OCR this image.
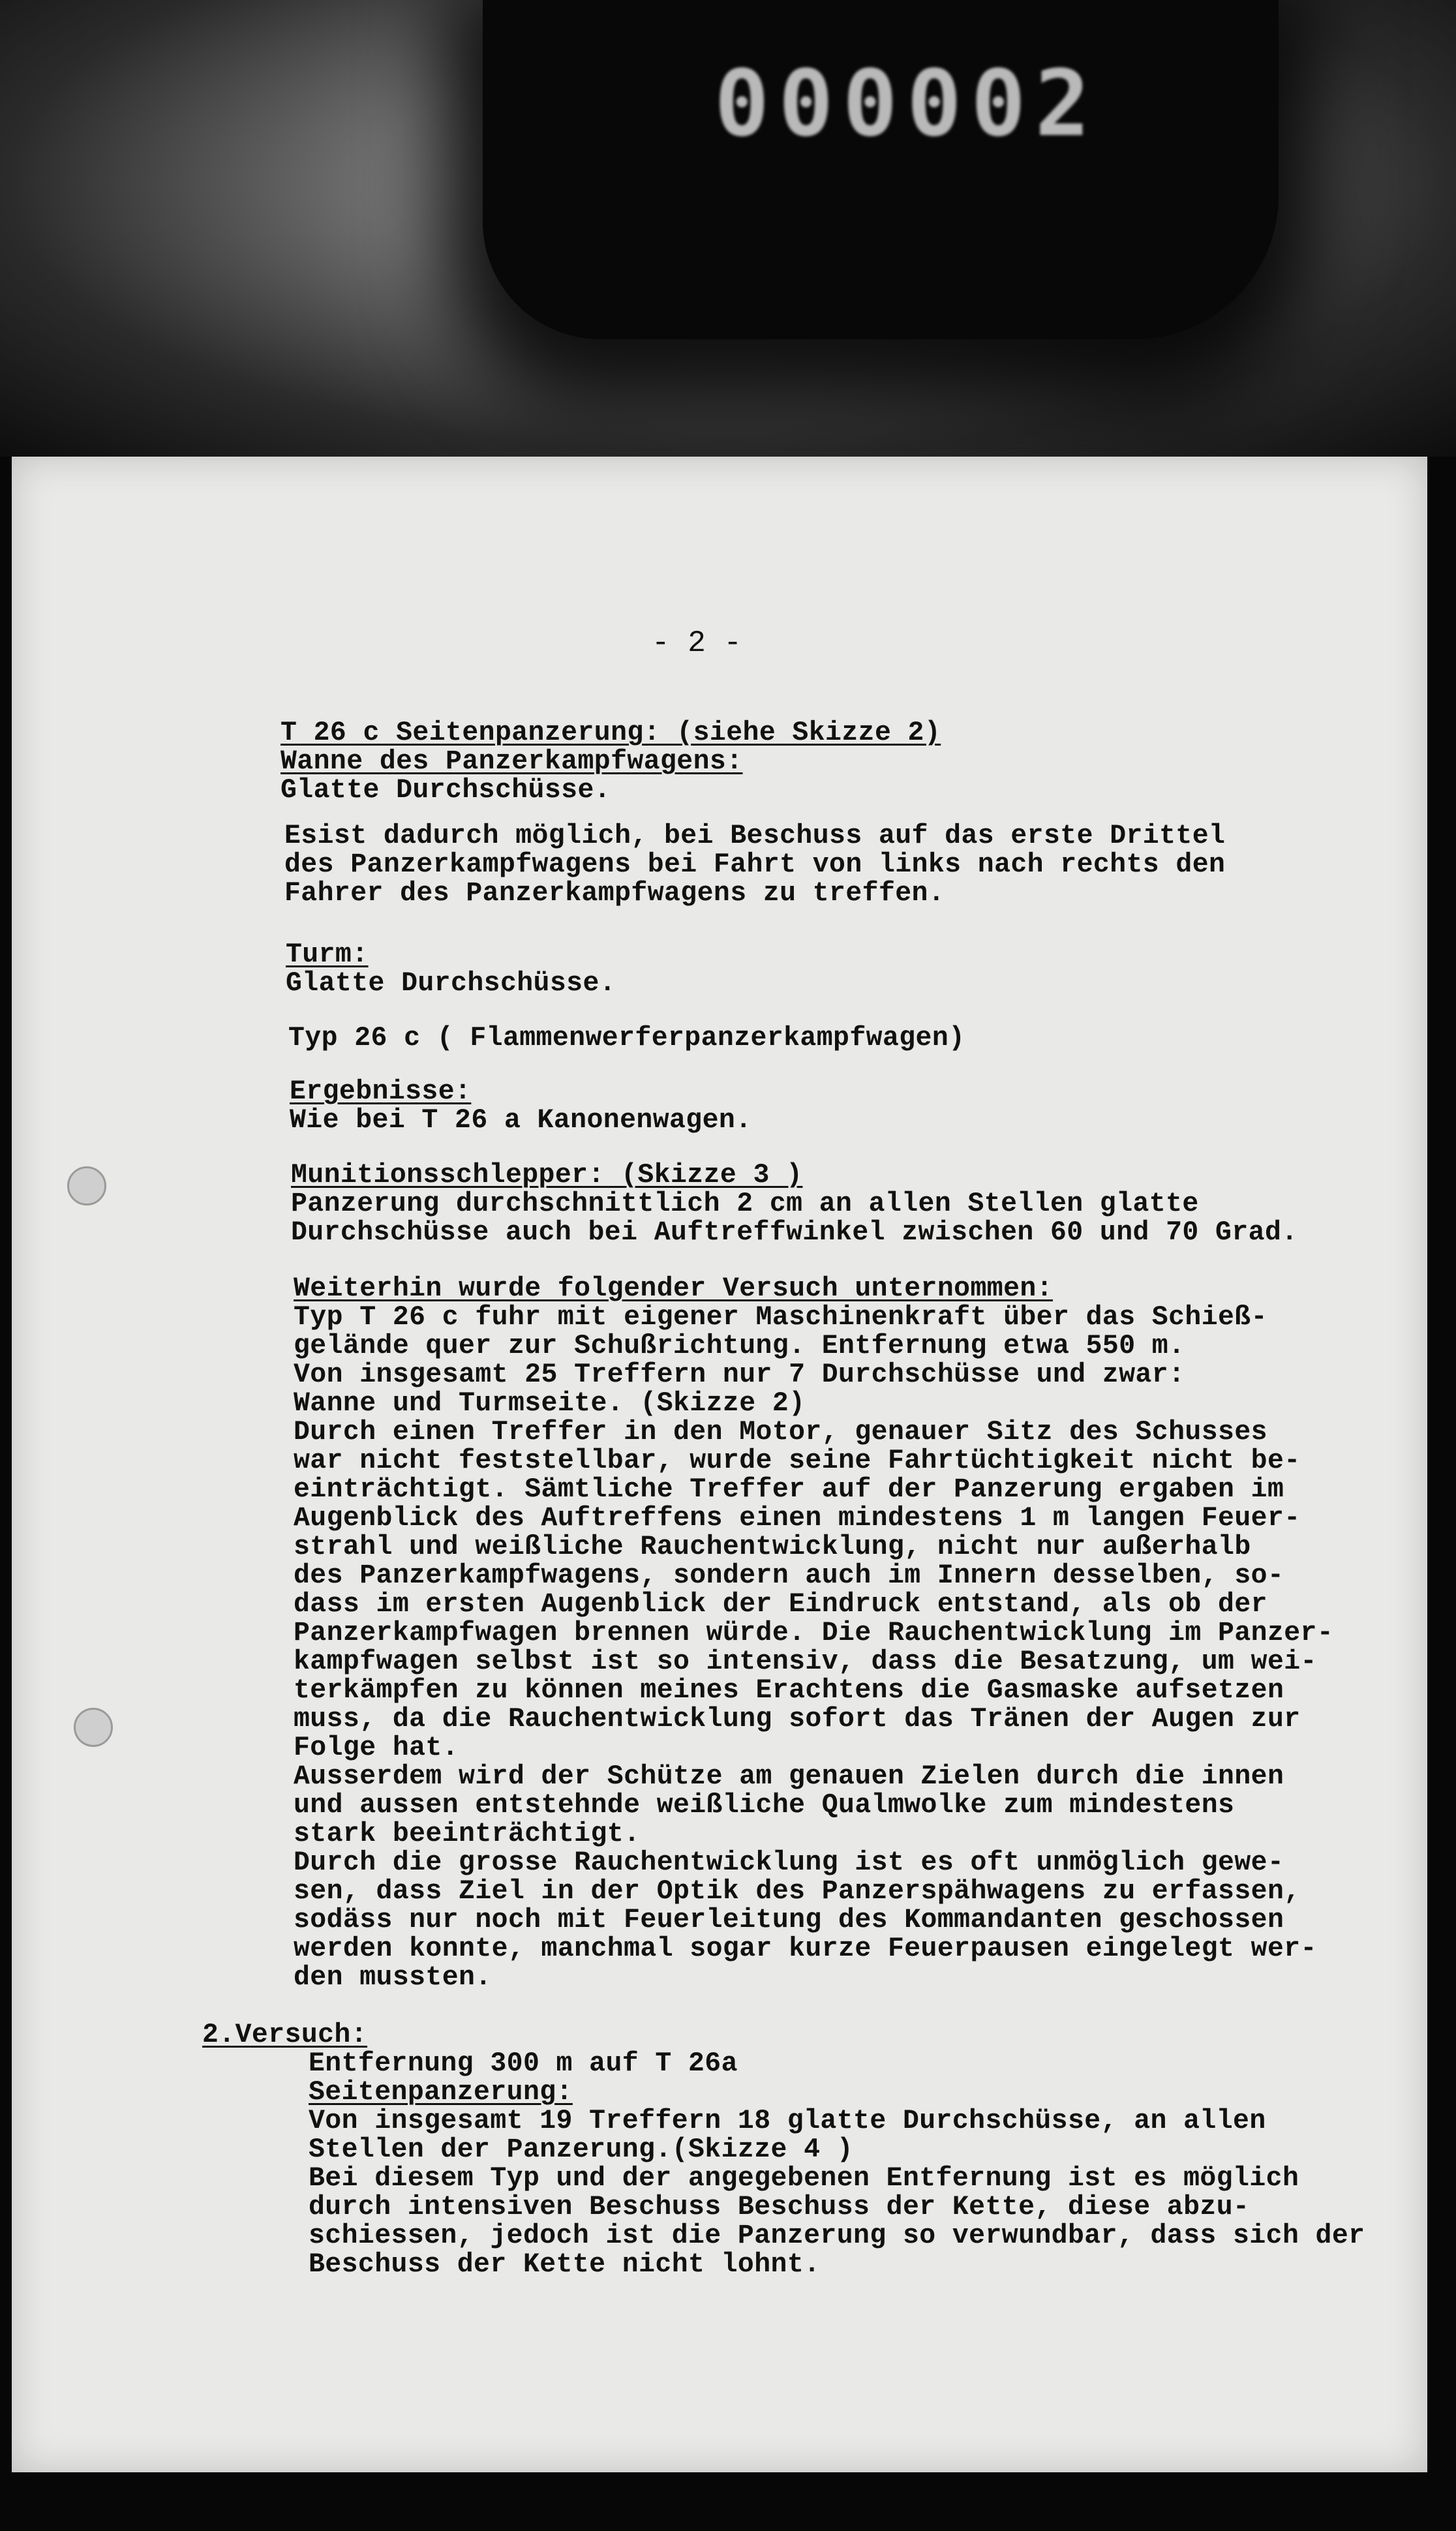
000002
- 2 -
T 26 c Seitenpanzerung: (siehe Skizze 2)
Wanne des Panzerkampfwagens:
Glatte Durchschüsse.
Esist dadurch möglich, bei Beschuss auf das erste Drittel
des Panzerkampfwagens bei Fahrt von links nach rechts den
Fahrer des Panzerkampfwagens zu treffen.
Turm:
Glatte Durchschüsse.
Typ 26 c ( Flammenwerferpanzerkampfwagen)
Ergebnisse:
Wie bei T 26 a Kanonenwagen.
Munitionsschlepper: (Skizze 3 )
Panzerung durchschnittlich 2 cm an allen Stellen glatte
Durchschüsse auch bei Auftreffwinkel zwischen 60 und 70 Grad.
Weiterhin wurde folgender Versuch unternommen:
Typ T 26 c fuhr mit eigener Maschinenkraft über das Schieß-
gelände quer zur Schußrichtung. Entfernung etwa 550 m.
Von insgesamt 25 Treffern nur 7 Durchschüsse und zwar:
Wanne und Turmseite. (Skizze 2)
Durch einen Treffer in den Motor, genauer Sitz des Schusses
war nicht feststellbar, wurde seine Fahrtüchtigkeit nicht be-
einträchtigt. Sämtliche Treffer auf der Panzerung ergaben im
Augenblick des Auftreffens einen mindestens 1 m langen Feuer-
strahl und weißliche Rauchentwicklung, nicht nur außerhalb
des Panzerkampfwagens, sondern auch im Innern desselben, so-
dass im ersten Augenblick der Eindruck entstand, als ob der
Panzerkampfwagen brennen würde. Die Rauchentwicklung im Panzer-
kampfwagen selbst ist so intensiv, dass die Besatzung, um wei-
terkämpfen zu können meines Erachtens die Gasmaske aufsetzen
muss, da die Rauchentwicklung sofort das Tränen der Augen zur
Folge hat.
Ausserdem wird der Schütze am genauen Zielen durch die innen
und aussen entstehnde weißliche Qualmwolke zum mindestens
stark beeinträchtigt.
Durch die grosse Rauchentwicklung ist es oft unmöglich gewe-
sen, dass Ziel in der Optik des Panzerspähwagens zu erfassen,
sodäss nur noch mit Feuerleitung des Kommandanten geschossen
werden konnte, manchmal sogar kurze Feuerpausen eingelegt wer-
den mussten.
2.Versuch:
Entfernung 300 m auf T 26a
Seitenpanzerung:
Von insgesamt 19 Treffern 18 glatte Durchschüsse, an allen
Stellen der Panzerung.(Skizze 4 )
Bei diesem Typ und der angegebenen Entfernung ist es möglich
durch intensiven Beschuss Beschuss der Kette, diese abzu-
schiessen, jedoch ist die Panzerung so verwundbar, dass sich der
Beschuss der Kette nicht lohnt.
